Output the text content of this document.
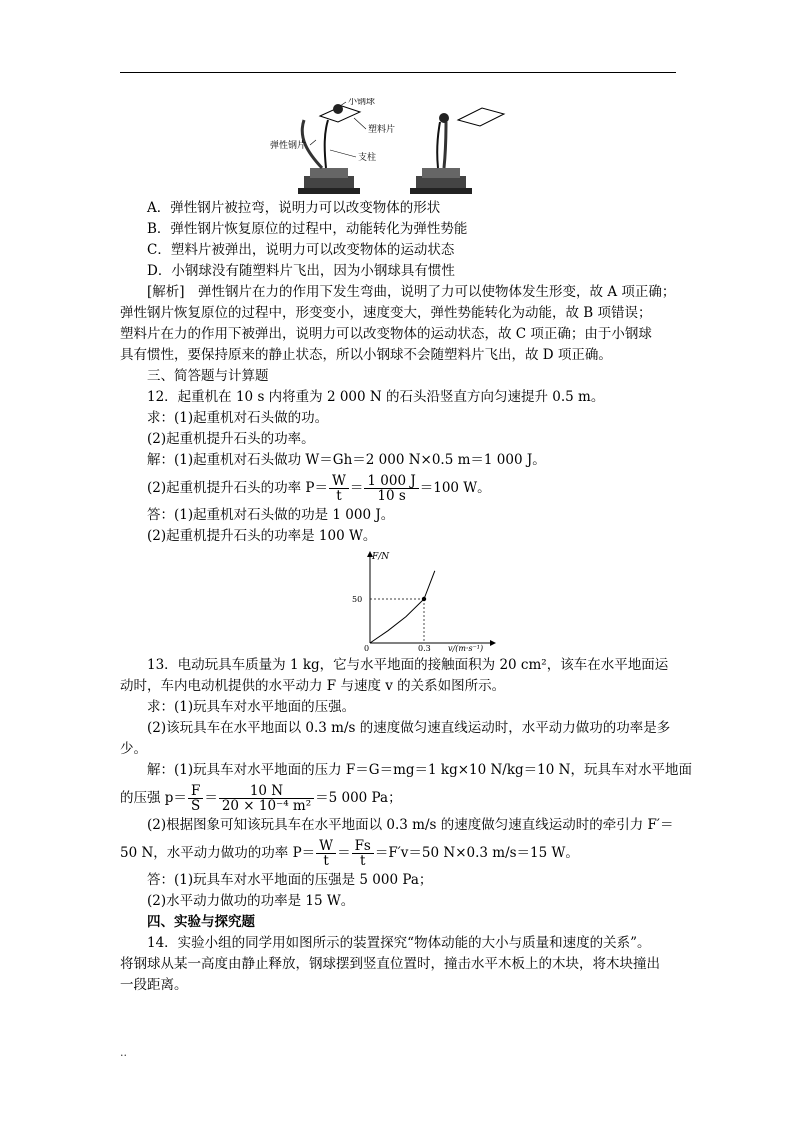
小钢球
弹性钢片
塑料片
支柱
A．弹性钢片被拉弯，说明力可以改变物体的形状
B．弹性钢片恢复原位的过程中，动能转化为弹性势能
C．塑料片被弹出，说明力可以改变物体的运动状态
D．小钢球没有随塑料片飞出，因为小钢球具有惯性
[解析]　弹性钢片在力的作用下发生弯曲，说明了力可以使物体发生形变，故 A 项正确；
弹性钢片恢复原位的过程中，形变变小，速度变大，弹性势能转化为动能，故 B 项错误；
塑料片在力的作用下被弹出，说明力可以改变物体的运动状态，故 C 项正确；由于小钢球
具有惯性，要保持原来的静止状态，所以小钢球不会随塑料片飞出，故 D 项正确。
三、简答题与计算题
12．起重机在 10 s 内将重为 2 000 N 的石头沿竖直方向匀速提升 0.5 m。
求：(1)起重机对石头做的功。
(2)起重机提升石头的功率。
解：(1)起重机对石头做功 W＝Gh＝2 000 N×0.5 m＝1 000 J。
(2)起重机提升石头的功率 $P= \frac{W}{t} = \frac{1 000 J}{10 s} =100$ W。
答：(1)起重机对石头做的功是 1 000 J。
(2)起重机提升石头的功率是 100 W。
F/N
v/(m·s⁻¹)
0
50
0.3
13．电动玩具车质量为 1 kg，它与水平地面的接触面积为 20 cm²，该车在水平地面运
动时，车内电动机提供的水平动力 F 与速度 v 的关系如图所示。
求：(1)玩具车对水平地面的压强。
(2)该玩具车在水平地面以 0.3 m/s 的速度做匀速直线运动时，水平动力做功的功率是多
少。
解：(1)玩具车对水平地面的压力 F＝G＝mg＝1 kg×10 N/kg＝10 N，玩具车对水平地面
的压强 $p= \frac{F}{S} = \frac{10 N}{\text{20 × 10⁻⁴ m²}} =5$ 000 Pa；
(2)根据图象可知该玩具车在水平地面以 0.3 m/s 的速度做匀速直线运动时的牵引力 F′＝
50 N，水平动力做功的功率 $P= \frac{W}{t} = \frac{Fs}{t} =F'v=50$ N×0.3 m/s＝15 W。
答：(1)玩具车对水平地面的压强是 5 000 Pa；
(2)水平动力做功的功率是 15 W。
四、实验与探究题
14．实验小组的同学用如图所示的装置探究“物体动能的大小与质量和速度的关系”。
将钢球从某一高度由静止释放，钢球摆到竖直位置时，撞击水平木板上的木块，将木块撞出
一段距离。
..
